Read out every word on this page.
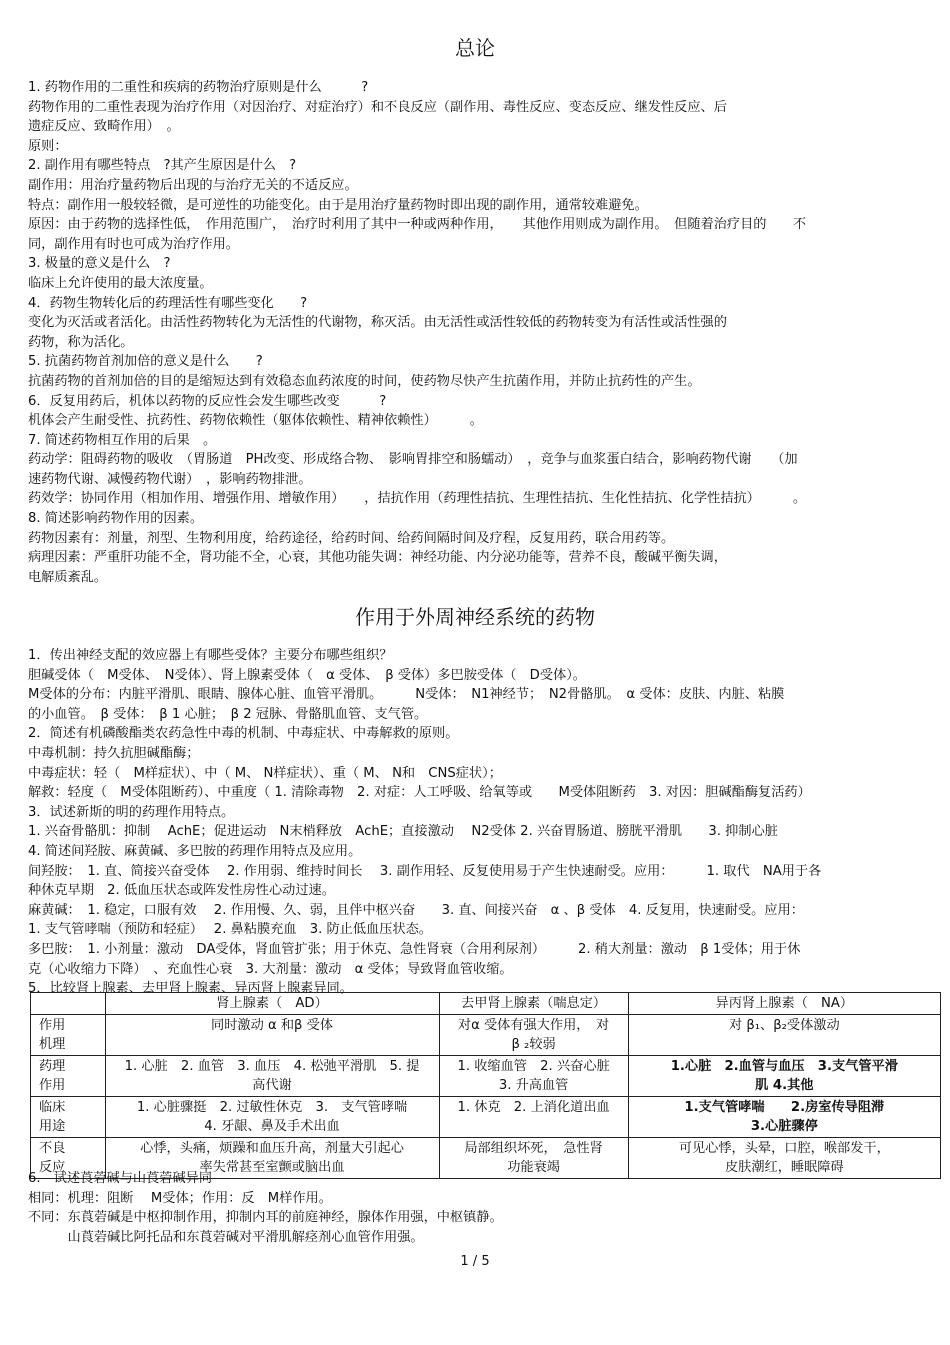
总论
1. 药物作用的二重性和疾病的药物治疗原则是什么　　　?
药物作用的二重性表现为治疗作用（对因治疗、对症治疗）和不良反应（副作用、毒性反应、变态反应、继发性反应、后
遗症反应、致畸作用）　。
原则：
2. 副作用有哪些特点　?其产生原因是什么　?
副作用：用治疗量药物后出现的与治疗无关的不适反应。
特点：副作用一般较轻微，是可逆性的功能变化。由于是用治疗量药物时即出现的副作用，通常较难避免。
原因：由于药物的选择性低，　作用范围广，　治疗时利用了其中一种或两种作用，　　其他作用则成为副作用。　但随着治疗目的　　不
同，副作用有时也可成为治疗作用。
3. 极量的意义是什么　?
临床上允许使用的最大浓度量。
4．药物生物转化后的药理活性有哪些变化　　?
变化为灭活或者活化。由活性药物转化为无活性的代谢物，称灭活。由无活性或活性较低的药物转变为有活性或活性强的
药物，称为活化。
5. 抗菌药物首剂加倍的意义是什么　　?
抗菌药物的首剂加倍的目的是缩短达到有效稳态血药浓度的时间，使药物尽快产生抗菌作用，并防止抗药性的产生。
6．反复用药后，机体以药物的反应性会发生哪些改变　　　?
机体会产生耐受性、抗药性、药物依赖性（躯体依赖性、精神依赖性）　　　。
7. 简述药物相互作用的后果　。
药动学：阻碍药物的吸收　（胃肠道　PH改变、形成络合物、　影响胃排空和肠蠕动）　，竞争与血浆蛋白结合，影响药物代谢　　（加
速药物代谢、减慢药物代谢）　，影响药物排泄。
药效学：协同作用（相加作用、增强作用、增敏作用）　　，拮抗作用（药理性拮抗、生理性拮抗、生化性拮抗、化学性拮抗）　　　。
8. 简述影响药物作用的因素。
药物因素有：剂量，剂型、生物利用度，给药途径，给药时间、给药间隔时间及疗程，反复用药，联合用药等。
病理因素：严重肝功能不全，肾功能不全，心衰，其他功能失调：神经功能、内分泌功能等，营养不良，酸碱平衡失调，
电解质紊乱。
作用于外周神经系统的药物
1．传出神经支配的效应器上有哪些受体？主要分布哪些组织？
胆碱受体（　M受体、　N受体）、肾上腺素受体（　α 受体、　β 受体）多巴胺受体（　D受体）。
M受体的分布：内脏平滑肌、眼睛、腺体心脏、血管平滑肌。　　　N受体：　N1神经节；　N2骨骼肌。　α 受体：皮肤、内脏、粘膜
的小血管。　β 受体：　β 1 心脏；　β 2 冠脉、骨骼肌血管、支气管。
2．简述有机磷酸酯类农药急性中毒的机制、中毒症状、中毒解救的原则。
中毒机制：持久抗胆碱酯酶；
中毒症状：轻（　M样症状）、中（ M、 N样症状）、重（ M、 N和　CNS症状）；
解救：轻度（　M受体阻断药）、中重度（ 1. 清除毒物　2. 对症：人工呼吸、给氧等或　　M受体阻断药　3. 对因：胆碱酯酶复活药）
3．试述新斯的明的药理作用特点。
1. 兴奋骨骼肌：抑制　 AchE；促进运动　N末梢释放　AchE；直接激动　 N2受体 2. 兴奋胃肠道、膀胱平滑肌　　3. 抑制心脏
4. 简述间羟胺、麻黄碱、多巴胺的药理作用特点及应用。
间羟胺：　1. 直、简接兴奋受体　 2. 作用弱、维持时间长　 3. 副作用轻、反复使用易于产生快速耐受。应用：　　　1. 取代　NA用于各
种休克早期　2. 低血压状态或阵发性房性心动过速。
麻黄碱：　1. 稳定，口服有效　 2. 作用慢、久、弱，且伴中枢兴奋　　3. 直、间接兴奋　α 、β 受体　4. 反复用，快速耐受。应用：
1. 支气管哮喘（预防和轻症）　 2. 鼻粘膜充血　3. 防止低血压状态。
多巴胺：　1. 小剂量：激动　DA受体，肾血管扩张；用于休克、急性肾衰（合用利尿剂）　　　2. 稍大剂量：激动　β 1受体；用于休
克（心收缩力下降）　、充血性心衰　3. 大剂量：激动　α 受体；导致肾血管收缩。
5．比较肾上腺素、去甲肾上腺素、异丙肾上腺素异同。
	肾上腺素（　AD）	去甲肾上腺素（喘息定）	异丙肾上腺素（　NA）
作用
机理	同时激动 α 和β 受体	对α 受体有强大作用，　对
β ₂较弱	对 β₁、β₂受体激动
药理
作用	1. 心脏　2. 血管　3. 血压　4. 松弛平滑肌　5. 提
高代谢	1. 收缩血管　2. 兴奋心脏
3. 升高血管	1.心脏　2.血管与血压　3.支气管平滑
肌 4.其他
临床
用途	1. 心脏骤挺　2. 过敏性休克　3.　支气管哮喘
4. 牙龈、鼻及手术出血	1. 休克　2. 上消化道出血	1.支气管哮喘　　2.房室传导阻滞
3.心脏骤停
不良
反应	心悸，头痛，烦躁和血压升高，剂量大引起心
率失常甚至室颤或脑出血	局部组织坏死，　急性肾
功能衰竭	可见心悸，头晕，口腔，喉部发干，
皮肤潮红，睡眠障碍
6.　试述莨菪碱与山莨菪碱异同
相同：机理：阻断　 M受体；作用：反　M样作用。
不同：东莨菪碱是中枢抑制作用，抑制内耳的前庭神经，腺体作用强，中枢镇静。
　　　山莨菪碱比阿托品和东莨菪碱对平滑肌解痉剂心血管作用强。
1 / 5
